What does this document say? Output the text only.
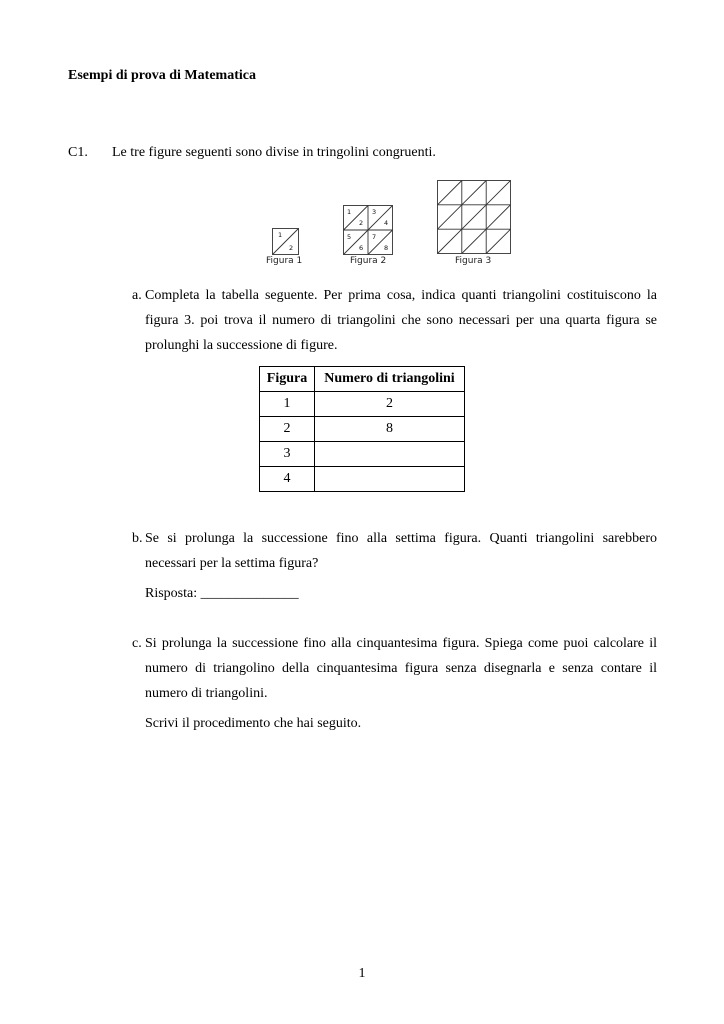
Esempi di prova di Matematica
C1. Le tre figure seguenti sono divise in tringolini congruenti.
1
2
Figura 1
1
2
3
4
5
6
7
8
Figura 2	Figura 3
a. Completa la tabella seguente. Per prima cosa, indica quanti triangolini costituiscono la figura 3. poi trova il numero di triangolini che sono necessari per una quarta figura se prolunghi la successione di figure.
Figura	Numero di triangolini
1	2
2	8
3	
4	
b. Se si prolunga la successione fino alla settima figura. Quanti triangolini sarebbero necessari per la settima figura?
Risposta: ______________
c. Si prolunga la successione fino alla cinquantesima figura. Spiega come puoi calcolare il numero di triangolino della cinquantesima figura senza disegnarla e senza contare il numero di triangolini.
Scrivi il procedimento che hai seguito.
1
